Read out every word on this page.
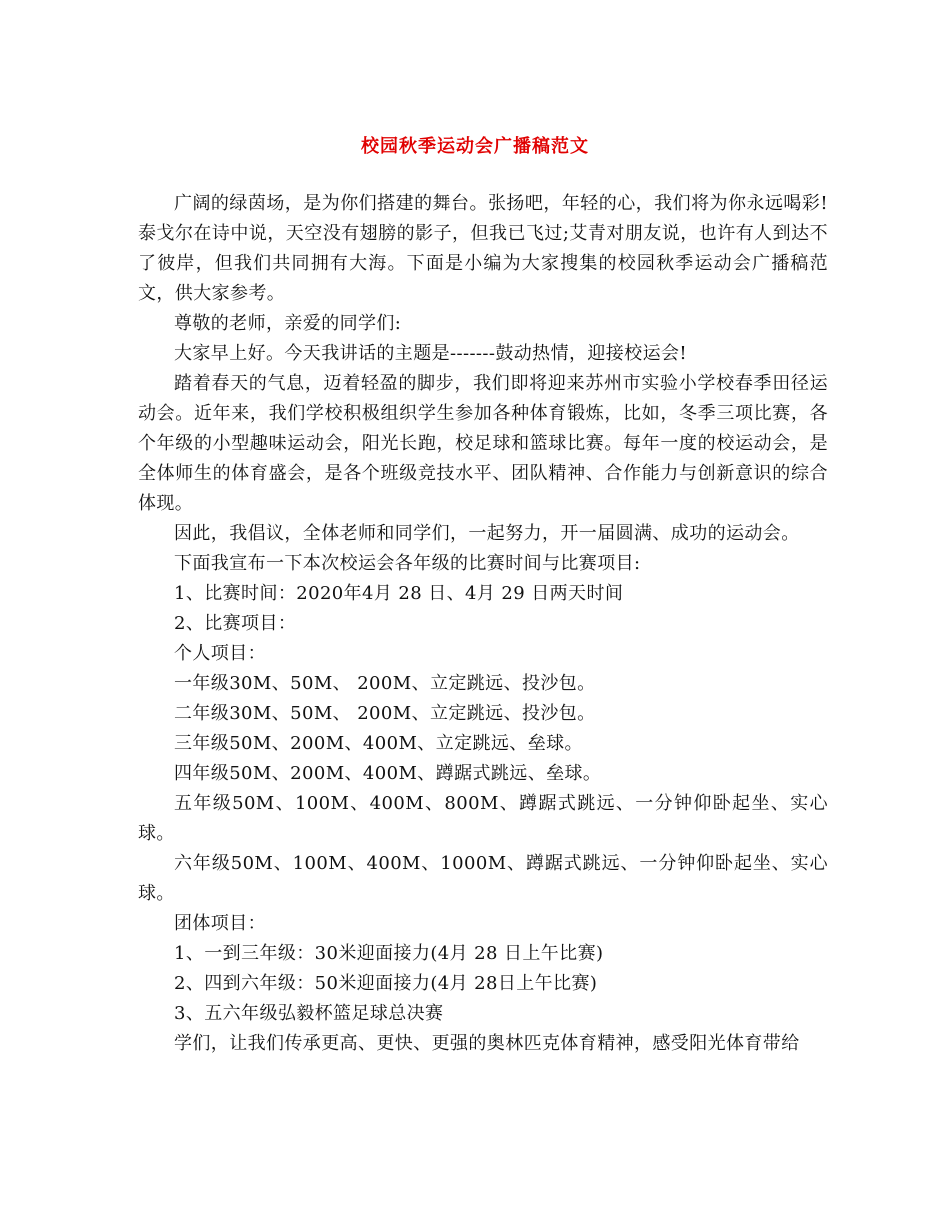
校园秋季运动会广播稿范文

广阔的绿茵场，是为你们搭建的舞台。张扬吧，年轻的心，我们将为你永远喝彩!泰戈尔在诗中说，天空没有翅膀的影子，但我已飞过;艾青对朋友说，也许有人到达不了彼岸，但我们共同拥有大海。下面是小编为大家搜集的校园秋季运动会广播稿范文，供大家参考。

尊敬的老师，亲爱的同学们:

大家早上好。今天我讲话的主题是-------鼓动热情，迎接校运会!

踏着春天的气息，迈着轻盈的脚步，我们即将迎来苏州市实验小学校春季田径运动会。近年来，我们学校积极组织学生参加各种体育锻炼，比如，冬季三项比赛，各个年级的小型趣味运动会，阳光长跑，校足球和篮球比赛。每年一度的校运动会，是全体师生的体育盛会，是各个班级竞技水平、团队精神、合作能力与创新意识的综合体现。

因此，我倡议，全体老师和同学们，一起努力，开一届圆满、成功的运动会。

下面我宣布一下本次校运会各年级的比赛时间与比赛项目:

1、比赛时间：2020年4月 28 日、4月 29 日两天时间

2、比赛项目：

个人项目：

一年级30M、50M、 200M、立定跳远、投沙包。

二年级30M、50M、 200M、立定跳远、投沙包。

三年级50M、200M、400M、立定跳远、垒球。

四年级50M、200M、400M、蹲踞式跳远、垒球。

五年级50M、100M、400M、800M、蹲踞式跳远、一分钟仰卧起坐、实心球。

六年级50M、100M、400M、1000M、蹲踞式跳远、一分钟仰卧起坐、实心球。

团体项目：

1、一到三年级：30米迎面接力(4月 28 日上午比赛)

2、四到六年级：50米迎面接力(4月 28日上午比赛)

3、五六年级弘毅杯篮足球总决赛

学们，让我们传承更高、更快、更强的奥林匹克体育精神，感受阳光体育带给
